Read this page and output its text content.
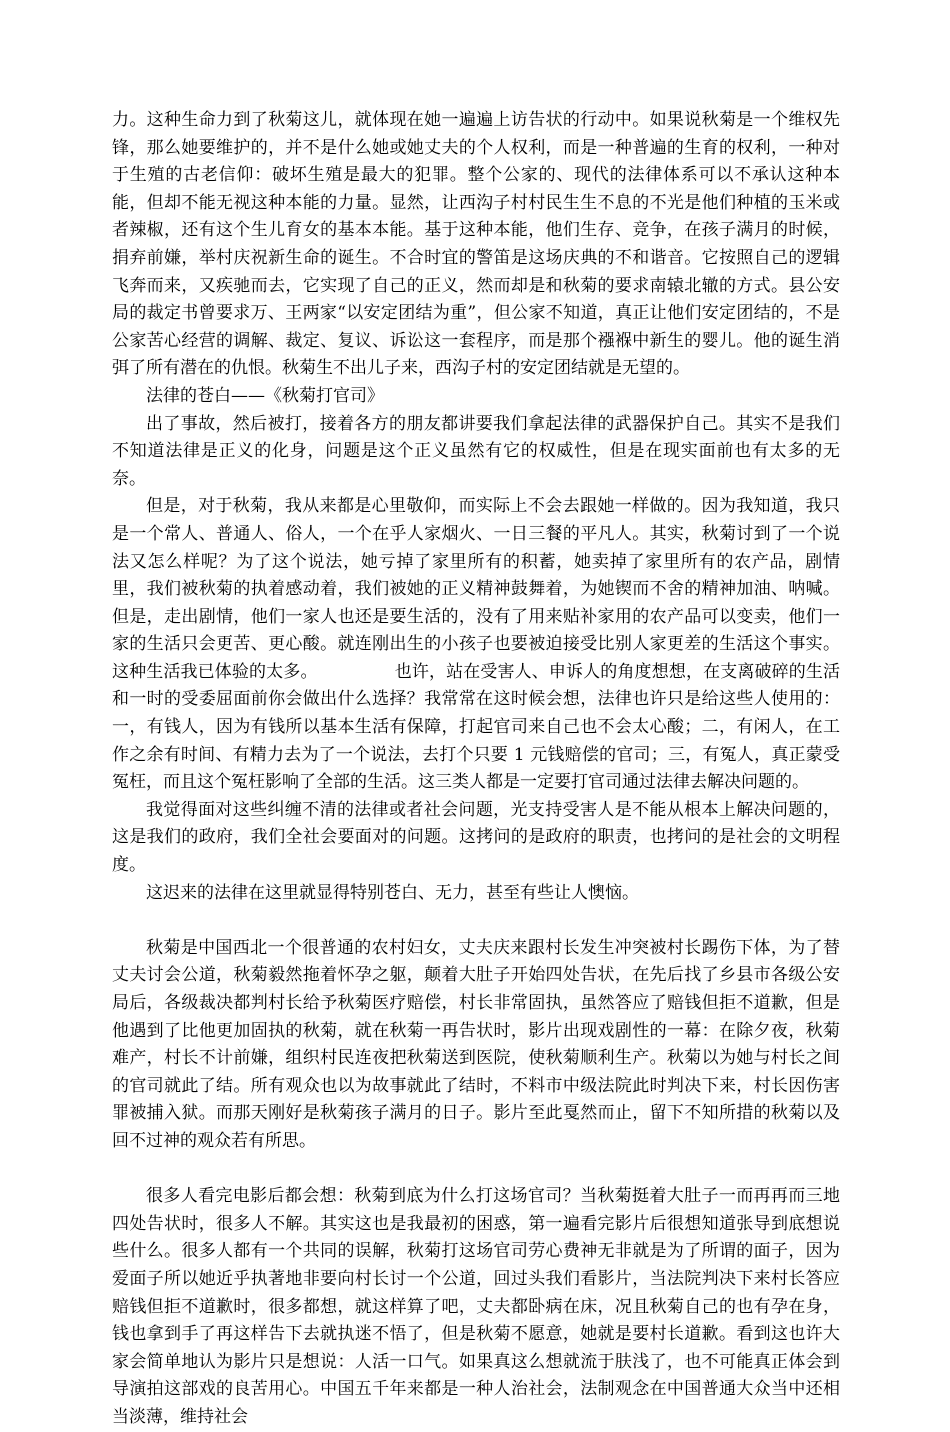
力。这种生命力到了秋菊这儿，就体现在她一遍遍上访告状的行动中。如果说秋菊是一个维权先锋，那么她要维护的，并不是什么她或她丈夫的个人权利，而是一种普遍的生育的权利，一种对于生殖的古老信仰：破坏生殖是最大的犯罪。整个公家的、现代的法律体系可以不承认这种本能，但却不能无视这种本能的力量。显然，让西沟子村村民生生不息的不光是他们种植的玉米或者辣椒，还有这个生儿育女的基本本能。基于这种本能，他们生存、竞争，在孩子满月的时候，捐弃前嫌，举村庆祝新生命的诞生。不合时宜的警笛是这场庆典的不和谐音。它按照自己的逻辑飞奔而来，又疾驰而去，它实现了自己的正义，然而却是和秋菊的要求南辕北辙的方式。县公安局的裁定书曾要求万、王两家“以安定团结为重”，但公家不知道，真正让他们安定团结的，不是公家苦心经营的调解、裁定、复议、诉讼这一套程序，而是那个襁褓中新生的婴儿。他的诞生消弭了所有潜在的仇恨。秋菊生不出儿子来，西沟子村的安定团结就是无望的。

法律的苍白——《秋菊打官司》

出了事故，然后被打，接着各方的朋友都讲要我们拿起法律的武器保护自己。其实不是我们不知道法律是正义的化身，问题是这个正义虽然有它的权威性，但是在现实面前也有太多的无奈。

但是，对于秋菊，我从来都是心里敬仰，而实际上不会去跟她一样做的。因为我知道，我只是一个常人、普通人、俗人，一个在乎人家烟火、一日三餐的平凡人。其实，秋菊讨到了一个说法又怎么样呢？为了这个说法，她亏掉了家里所有的积蓄，她卖掉了家里所有的农产品，剧情里，我们被秋菊的执着感动着，我们被她的正义精神鼓舞着，为她锲而不舍的精神加油、呐喊。但是，走出剧情，他们一家人也还是要生活的，没有了用来贴补家用的农产品可以变卖，他们一家的生活只会更苦、更心酸。就连刚出生的小孩子也要被迫接受比别人家更差的生活这个事实。这种生活我已体验的太多。　　　　　也许，站在受害人、申诉人的角度想想，在支离破碎的生活和一时的受委屈面前你会做出什么选择？我常常在这时候会想，法律也许只是给这些人使用的：一，有钱人，因为有钱所以基本生活有保障，打起官司来自己也不会太心酸；二，有闲人，在工作之余有时间、有精力去为了一个说法，去打个只要 1 元钱赔偿的官司；三，有冤人，真正蒙受冤枉，而且这个冤枉影响了全部的生活。这三类人都是一定要打官司通过法律去解决问题的。

我觉得面对这些纠缠不清的法律或者社会问题，光支持受害人是不能从根本上解决问题的，这是我们的政府，我们全社会要面对的问题。这拷问的是政府的职责，也拷问的是社会的文明程度。

这迟来的法律在这里就显得特别苍白、无力，甚至有些让人懊恼。

秋菊是中国西北一个很普通的农村妇女，丈夫庆来跟村长发生冲突被村长踢伤下体，为了替丈夫讨会公道，秋菊毅然拖着怀孕之躯，颠着大肚子开始四处告状，在先后找了乡县市各级公安局后，各级裁决都判村长给予秋菊医疗赔偿，村长非常固执，虽然答应了赔钱但拒不道歉，但是他遇到了比他更加固执的秋菊，就在秋菊一再告状时，影片出现戏剧性的一幕：在除夕夜，秋菊难产，村长不计前嫌，组织村民连夜把秋菊送到医院，使秋菊顺利生产。秋菊以为她与村长之间的官司就此了结。所有观众也以为故事就此了结时，不料市中级法院此时判决下来，村长因伤害罪被捕入狱。而那天刚好是秋菊孩子满月的日子。影片至此戛然而止，留下不知所措的秋菊以及回不过神的观众若有所思。

很多人看完电影后都会想：秋菊到底为什么打这场官司？当秋菊挺着大肚子一而再再而三地四处告状时，很多人不解。其实这也是我最初的困惑，第一遍看完影片后很想知道张导到底想说些什么。很多人都有一个共同的误解，秋菊打这场官司劳心费神无非就是为了所谓的面子，因为爱面子所以她近乎执著地非要向村长讨一个公道，回过头我们看影片，当法院判决下来村长答应赔钱但拒不道歉时，很多都想，就这样算了吧，丈夫都卧病在床，况且秋菊自己的也有孕在身，钱也拿到手了再这样告下去就执迷不悟了，但是秋菊不愿意，她就是要村长道歉。看到这也许大家会简单地认为影片只是想说：人活一口气。如果真这么想就流于肤浅了，也不可能真正体会到导演拍这部戏的良苦用心。中国五千年来都是一种人治社会，法制观念在中国普通大众当中还相当淡薄，维持社会
